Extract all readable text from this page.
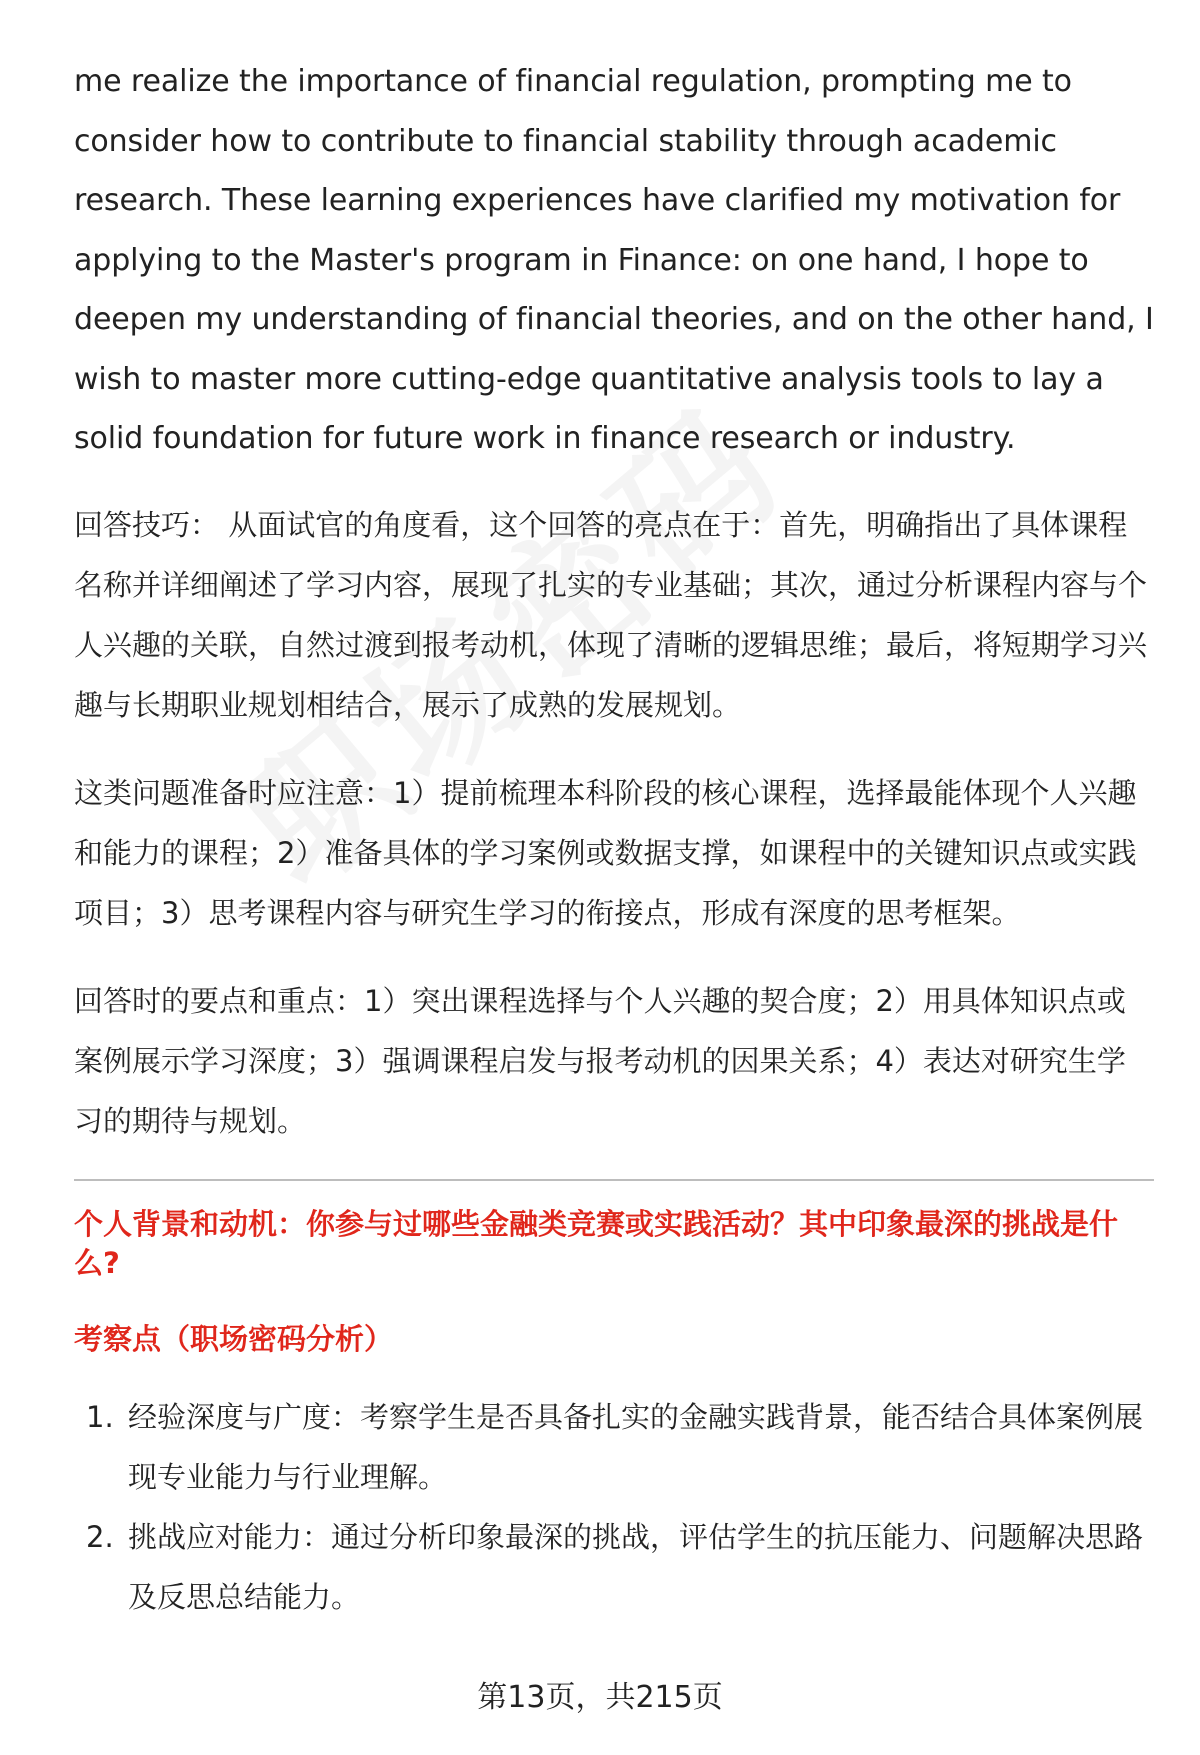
me realize the importance of financial regulation, prompting me to consider how to contribute to financial stability through academic research. These learning experiences have clarified my motivation for applying to the Master's program in Finance: on one hand, I hope to deepen my understanding of financial theories, and on the other hand, I wish to master more cutting-edge quantitative analysis tools to lay a solid foundation for future work in finance research or industry.

回答技巧： 从面试官的角度看，这个回答的亮点在于：首先，明确指出了具体课程名称并详细阐述了学习内容，展现了扎实的专业基础；其次，通过分析课程内容与个人兴趣的关联，自然过渡到报考动机，体现了清晰的逻辑思维；最后，将短期学习兴趣与长期职业规划相结合，展示了成熟的发展规划。

这类问题准备时应注意：1）提前梳理本科阶段的核心课程，选择最能体现个人兴趣和能力的课程；2）准备具体的学习案例或数据支撑，如课程中的关键知识点或实践项目；3）思考课程内容与研究生学习的衔接点，形成有深度的思考框架。

回答时的要点和重点：1）突出课程选择与个人兴趣的契合度；2）用具体知识点或案例展示学习深度；3）强调课程启发与报考动机的因果关系；4）表达对研究生学习的期待与规划。

个人背景和动机：你参与过哪些金融类竞赛或实践活动？其中印象最深的挑战是什么?
考察点（职场密码分析）
1. 经验深度与广度：考察学生是否具备扎实的金融实践背景，能否结合具体案例展现专业能力与行业理解。
2. 挑战应对能力：通过分析印象最深的挑战，评估学生的抗压能力、问题解决思路及反思总结能力。
第13页，共215页
